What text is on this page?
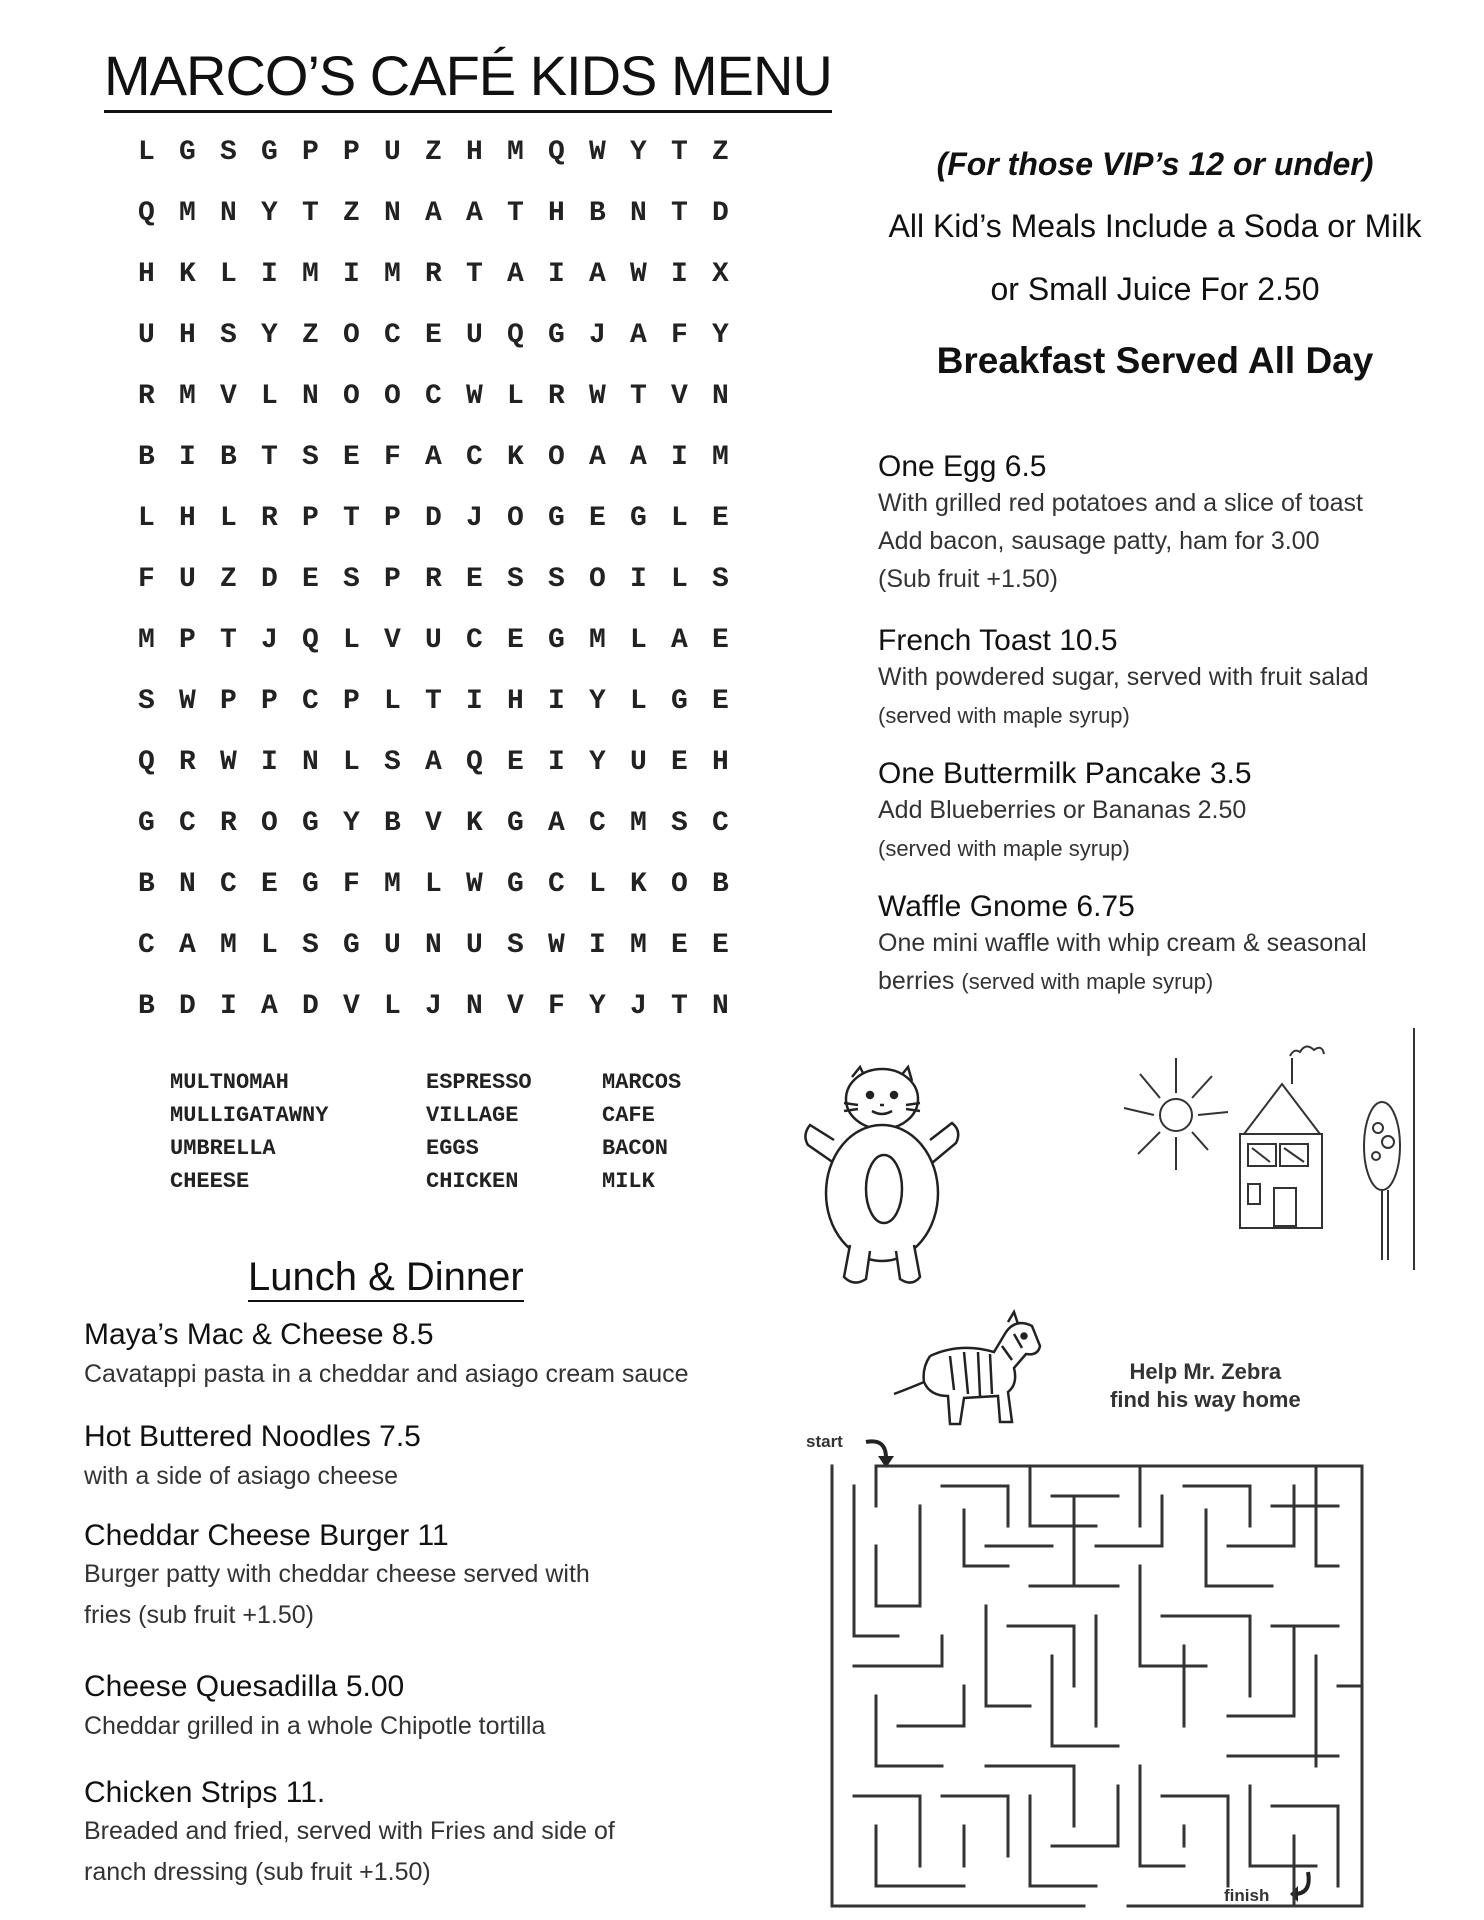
MARCO’S CAFÉ KIDS MENU
L G S G P P U Z H M Q W Y T Z
Q M N Y T Z N A A T H B N T D
H K L I M I M R T A I A W I X
U H S Y Z O C E U Q G J A F Y
R M V L N O O C W L R W T V N
B I B T S E F A C K O A A I M
L H L R P T P D J O G E G L E
F U Z D E S P R E S S O I L S
M P T J Q L V U C E G M L A E
S W P P C P L T I H I Y L G E
Q R W I N L S A Q E I Y U E H
G C R O G Y B V K G A C M S C
B N C E G F M L W G C L K O B
C A M L S G U N U S W I M E E
B D I A D V L J N V F Y J T N
MULTNOMAH
MULLIGATAWNY
UMBRELLA
CHEESE
ESPRESSO
VILLAGE
EGGS
CHICKEN
MARCOS
CAFE
BACON
MILK
(For those VIP’s 12 or under)
All Kid’s Meals Include a Soda or Milk
or Small Juice For 2.50
Breakfast Served All Day
One Egg 6.5
With grilled red potatoes and a slice of toast
Add bacon, sausage patty, ham for 3.00
(Sub fruit +1.50)
French Toast 10.5
With powdered sugar, served with fruit salad
(served with maple syrup)
One Buttermilk Pancake 3.5
Add Blueberries or Bananas 2.50
(served with maple syrup)
Waffle Gnome 6.75
One mini waffle with whip cream & seasonal
berries (served with maple syrup)
Lunch & Dinner
Maya’s Mac & Cheese 8.5
Cavatappi pasta in a cheddar and asiago cream sauce
Hot Buttered Noodles 7.5
with a side of asiago cheese
Cheddar Cheese Burger 11
Burger patty with cheddar cheese served with
fries (sub fruit +1.50)
Cheese Quesadilla 5.00
Cheddar grilled in a whole Chipotle tortilla
Chicken Strips 11.
Breaded and fried, served with Fries and side of
ranch dressing (sub fruit +1.50)
Help Mr. Zebra
find his way home
start
finish
